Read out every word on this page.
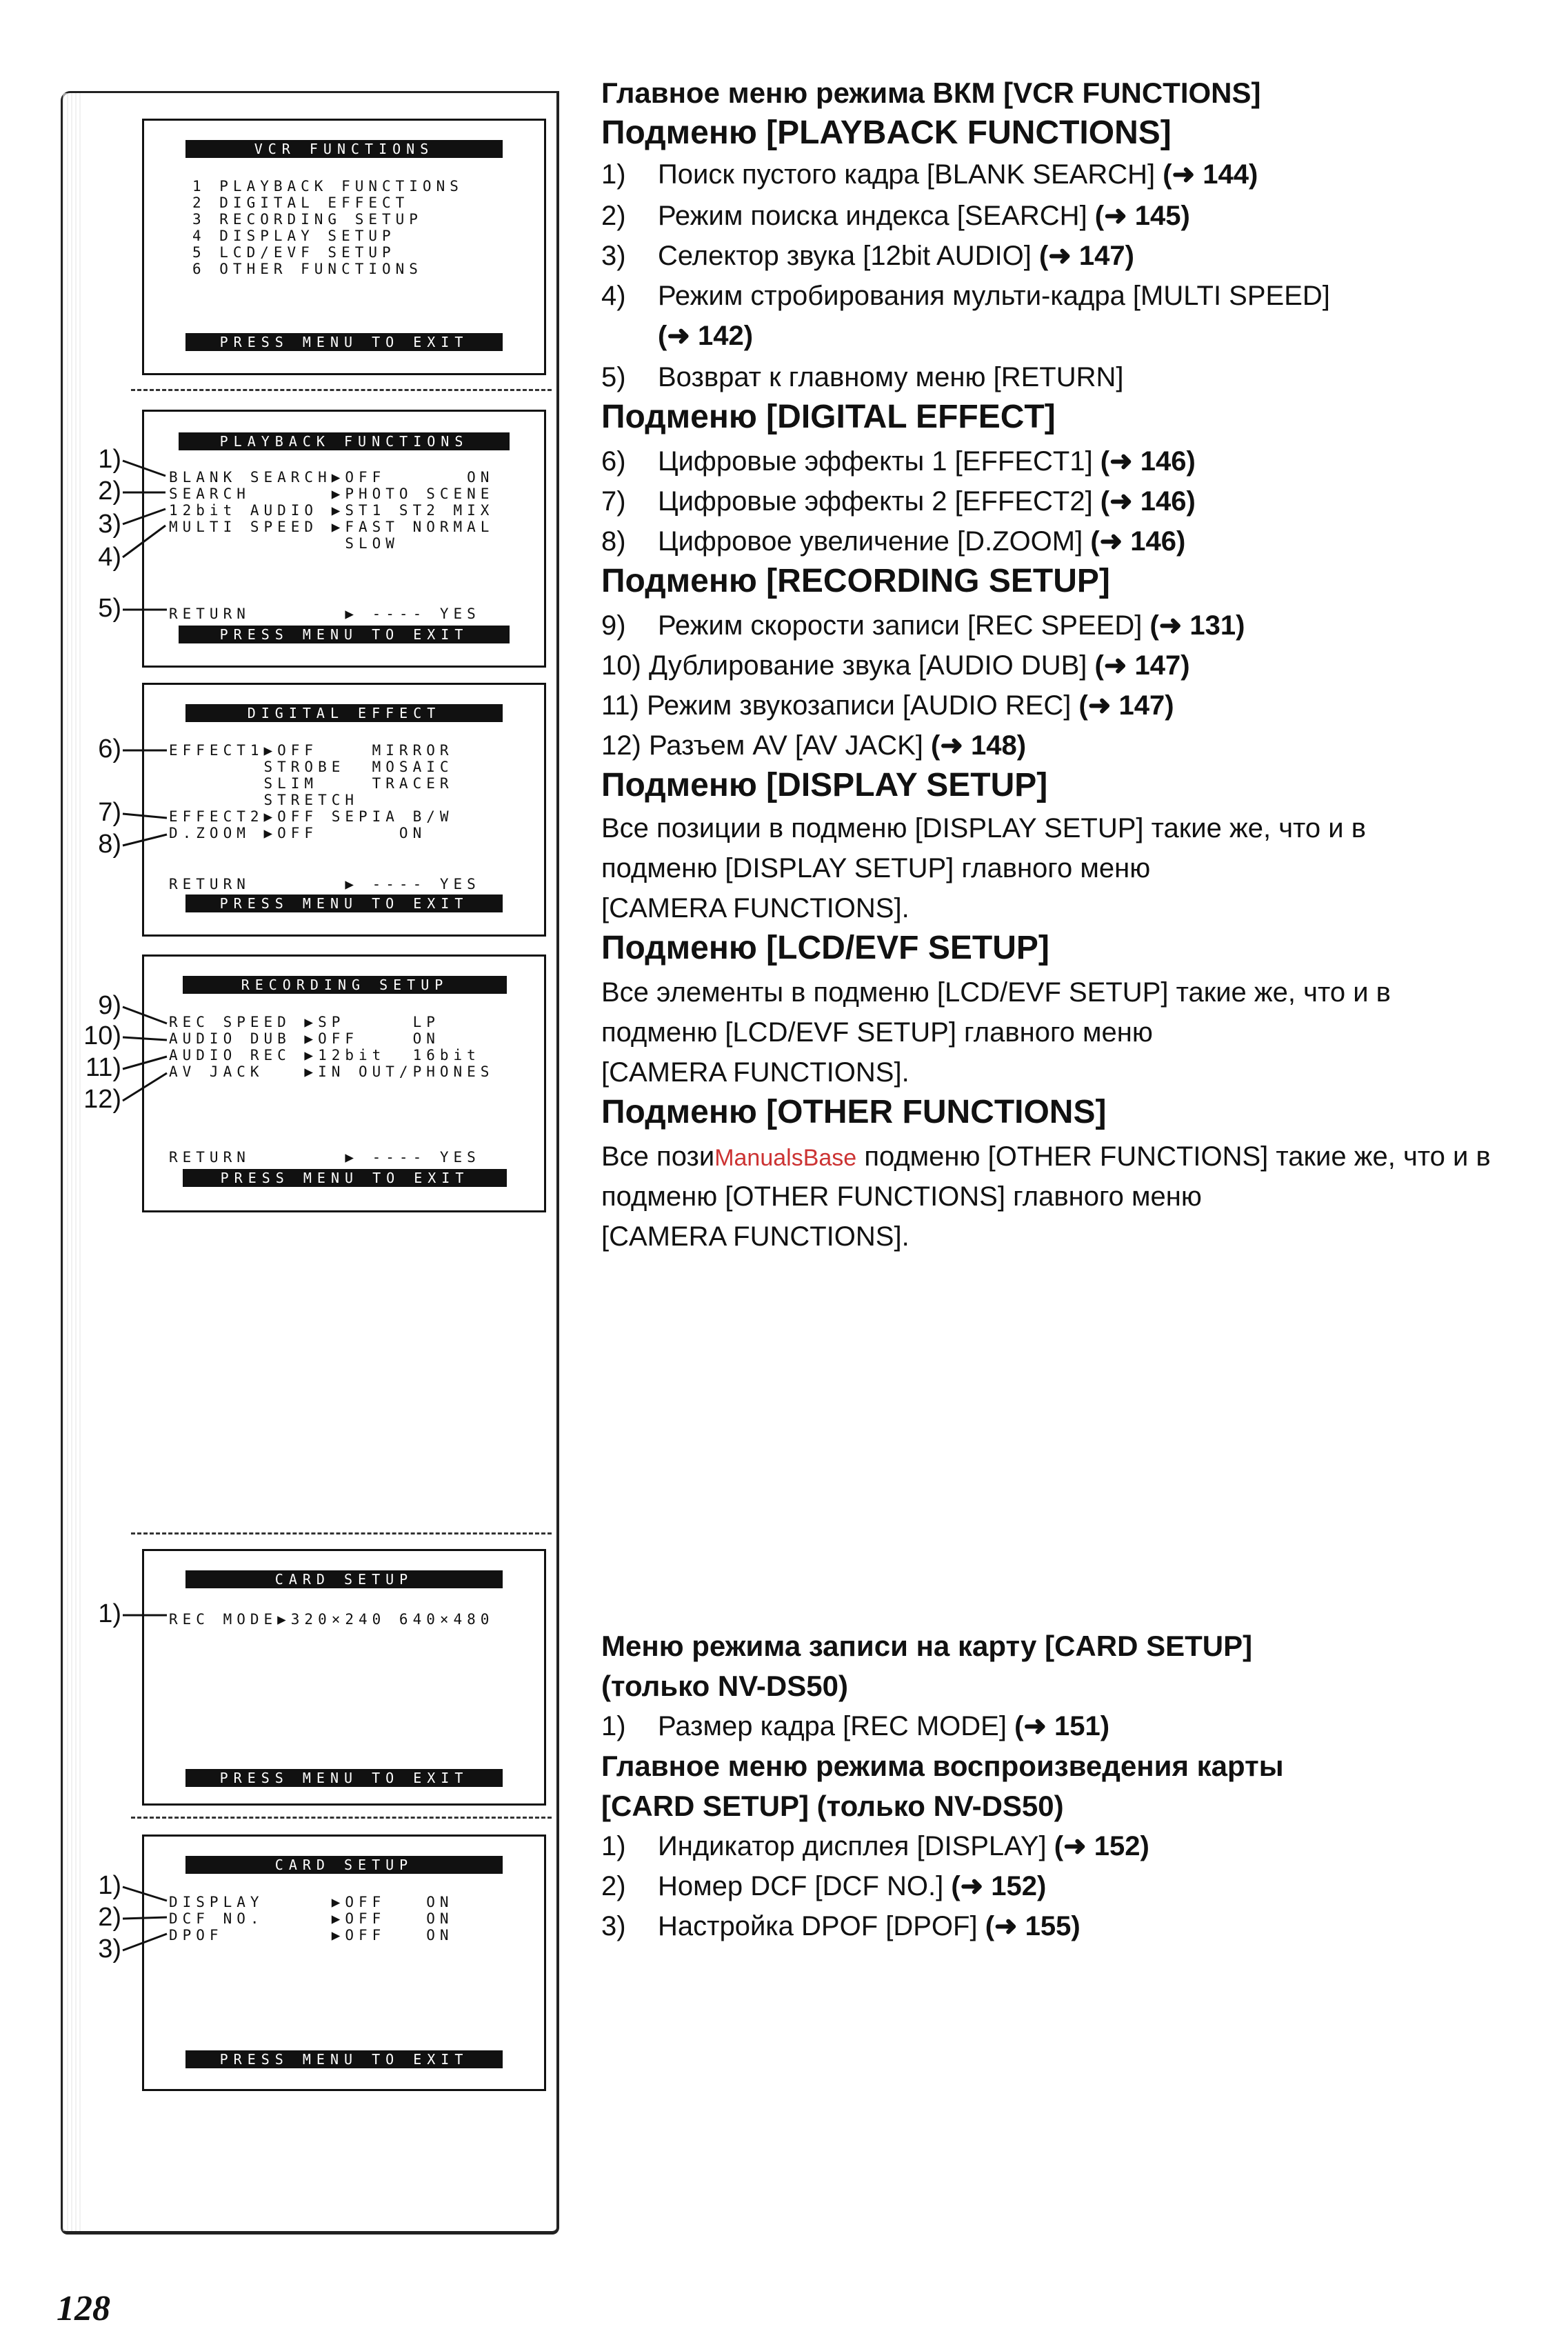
VCR FUNCTIONS
1 PLAYBACK FUNCTIONS
2 DIGITAL EFFECT
3 RECORDING SETUP
4 DISPLAY SETUP
5 LCD/EVF SETUP
6 OTHER FUNCTIONS
PRESS MENU TO EXIT
PLAYBACK FUNCTIONS
BLANK SEARCH▶OFF      ON
SEARCH      ▶PHOTO SCENE
12bit AUDIO ▶ST1 ST2 MIX
MULTI SPEED ▶FAST NORMAL
SLOW
RETURN       ▶ ---- YES
PRESS MENU TO EXIT
DIGITAL EFFECT
EFFECT1▶OFF    MIRROR
STROBE  MOSAIC
SLIM    TRACER
STRETCH
EFFECT2▶OFF SEPIA B/W
D.ZOOM ▶OFF      ON
RETURN       ▶ ---- YES
PRESS MENU TO EXIT
RECORDING SETUP
REC SPEED ▶SP     LP
AUDIO DUB ▶OFF    ON
AUDIO REC ▶12bit  16bit
AV JACK   ▶IN OUT/PHONES
RETURN       ▶ ---- YES
PRESS MENU TO EXIT
CARD SETUP
REC MODE▶320×240 640×480
PRESS MENU TO EXIT
CARD SETUP
DISPLAY     ▶OFF   ON
DCF NO.     ▶OFF   ON
DPOF        ▶OFF   ON
PRESS MENU TO EXIT
1)
2)
3)
4)
5)
6)
7)
8)
9)
10)
11)
12)
1)
1)
2)
3)
Главное меню режима ВКМ [VCR FUNCTIONS]
Подменю [PLAYBACK FUNCTIONS]
1) Поиск пустого кадра [BLANK SEARCH] (➜ 144)
2) Режим поиска индекса [SEARCH] (➜ 145)
3) Селектор звука [12bit AUDIO] (➜ 147)
4) Режим стробирования мульти-кадра [MULTI SPEED]
(➜ 142)
5) Возврат к главному меню [RETURN]
Подменю [DIGITAL EFFECT]
6) Цифровые эффекты 1 [EFFECT1] (➜ 146)
7) Цифровые эффекты 2 [EFFECT2] (➜ 146)
8) Цифровое увеличение [D.ZOOM] (➜ 146)
Подменю [RECORDING SETUP]
9) Режим скорости записи [REC SPEED] (➜ 131)
10) Дублирование звука [AUDIO DUB] (➜ 147)
11) Режим звукозаписи [AUDIO REC] (➜ 147)
12) Разъем AV [AV JACK] (➜ 148)
Подменю [DISPLAY SETUP]
Все позиции в подменю [DISPLAY SETUP] такие же, что и в
подменю [DISPLAY SETUP] главного меню
[CAMERA FUNCTIONS].
Подменю [LCD/EVF SETUP]
Все элементы в подменю [LCD/EVF SETUP] такие же, что и в
подменю [LCD/EVF SETUP] главного меню
[CAMERA FUNCTIONS].
Подменю [OTHER FUNCTIONS]
Все позиManualsBase подменю [OTHER FUNCTIONS] такие же, что и в
подменю [OTHER FUNCTIONS] главного меню
[CAMERA FUNCTIONS].
Меню режима записи на карту [CARD SETUP]
(только NV-DS50)
1) Размер кадра [REC MODE] (➜ 151)
Главное меню режима воспроизведения карты
[CARD SETUP] (только NV-DS50)
1) Индикатор дисплея [DISPLAY] (➜ 152)
2) Номер DCF [DCF NO.] (➜ 152)
3) Настройка DPOF [DPOF] (➜ 155)
128
